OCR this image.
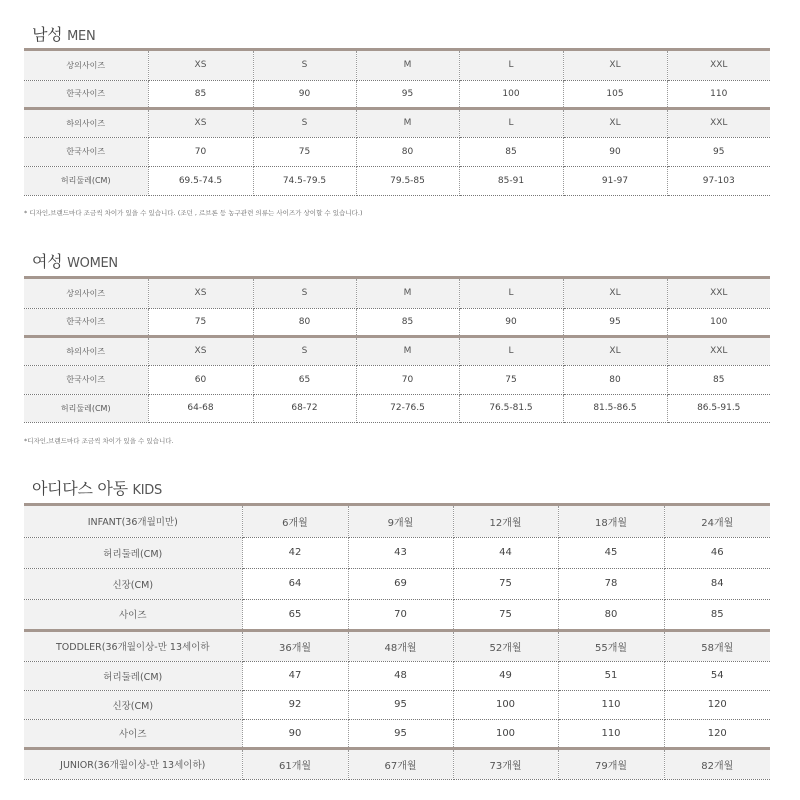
남성 MEN
상의사이즈	XS	S	M	L	XL	XXL
한국사이즈	85	90	95	100	105	110
하의사이즈	XS	S	M	L	XL	XXL
한국사이즈	70	75	80	85	90	95
허리둘레(CM)	69.5-74.5	74.5-79.5	79.5-85	85-91	91-97	97-103
* 디자인,브랜드마다 조금씩 차이가 있을 수 있습니다. (조던 , 르브론 등 농구관련 의류는 사이즈가 상이할 수 있습니다.)
여성 WOMEN
상의사이즈	XS	S	M	L	XL	XXL
한국사이즈	75	80	85	90	95	100
하의사이즈	XS	S	M	L	XL	XXL
한국사이즈	60	65	70	75	80	85
허리둘레(CM)	64-68	68-72	72-76.5	76.5-81.5	81.5-86.5	86.5-91.5
*디자인,브랜드마다 조금씩 차이가 있을 수 있습니다.
아디다스 아동 KIDS
INFANT(36개월미만)	6개월	9개월	12개월	18개월	24개월
허리둘레(CM)	42	43	44	45	46
신장(CM)	64	69	75	78	84
사이즈	65	70	75	80	85
TODDLER(36개월이상-만 13세이하	36개월	48개월	52개월	55개월	58개월
허리둘레(CM)	47	48	49	51	54
신장(CM)	92	95	100	110	120
사이즈	90	95	100	110	120
JUNIOR(36개월이상-만 13세이하)	61개월	67개월	73개월	79개월	82개월
